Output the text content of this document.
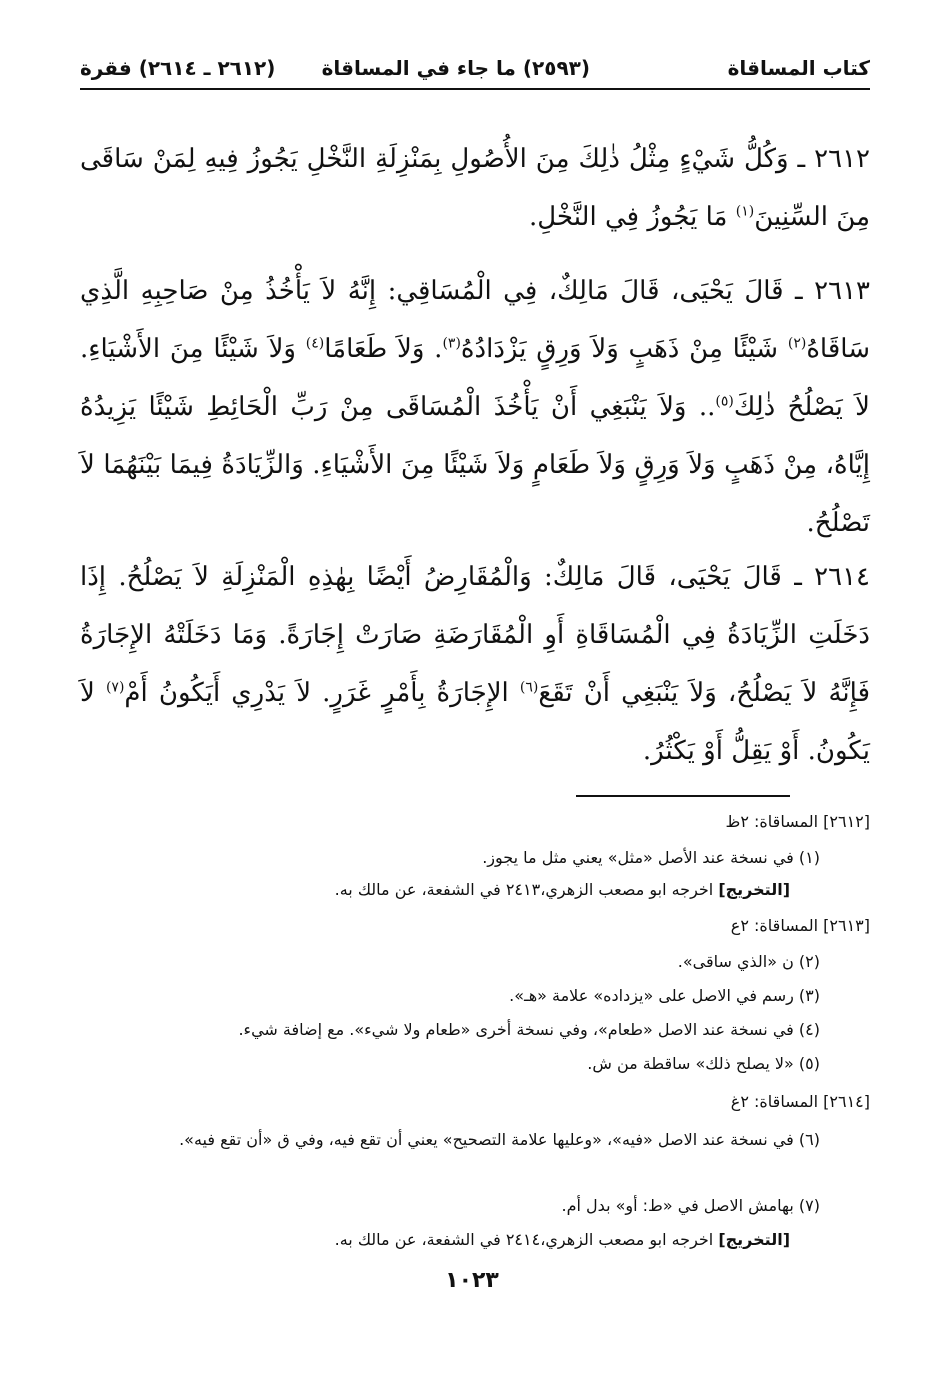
كتاب المساقاة
(٢٥٩٣) ما جاء في المساقاة
(٢٦١٢ ـ ٢٦١٤) فقرة

٢٦١٢ ـ وَكُلُّ شَيْءٍ مِثْلُ ذٰلِكَ مِنَ الأُصُولِ بِمَنْزِلَةِ النَّخْلِ يَجُوزُ فِيهِ لِمَنْ سَاقَى مِنَ السِّنِينَ$^{(١)}$ مَا يَجُوزُ فِي النَّخْلِ.

٢٦١٣ ـ قَالَ يَحْيَى، قَالَ مَالِكٌ، فِي الْمُسَاقِي: إِنَّهُ لاَ يَأْخُذُ مِنْ صَاحِبِهِ الَّذِي سَاقَاهُ$^{(٢)}$ شَيْئًا مِنْ ذَهَبٍ وَلاَ وَرِقٍ يَزْدَادُهُ$^{(٣)}$. وَلاَ طَعَامًا$^{(٤)}$ وَلاَ شَيْئًا مِنَ الأَشْيَاءِ. لاَ يَصْلُحُ ذٰلِكَ$^{(٥)}$.. وَلاَ يَنْبَغِي أَنْ يَأْخُذَ الْمُسَاقَى مِنْ رَبِّ الْحَائِطِ شَيْئًا يَزِيدُهُ إِيَّاهُ، مِنْ ذَهَبٍ وَلاَ وَرِقٍ وَلاَ طَعَامٍ وَلاَ شَيْئًا مِنَ الأَشْيَاءِ. وَالزِّيَادَةُ فِيمَا بَيْنَهُمَا لاَ تَصْلُحُ.

٢٦١٤ ـ قَالَ يَحْيَى، قَالَ مَالِكٌ: وَالْمُقَارِضُ أَيْضًا بِهٰذِهِ الْمَنْزِلَةِ لاَ يَصْلُحُ. إِذَا دَخَلَتِ الزِّيَادَةُ فِي الْمُسَاقَاةِ أَوِ الْمُقَارَضَةِ صَارَتْ إِجَارَةً. وَمَا دَخَلَتْهُ الإِجَارَةُ فَإِنَّهُ لاَ يَصْلُحُ، وَلاَ يَنْبَغِي أَنْ تَقَعَ$^{(٦)}$ الإِجَارَةُ بِأَمْرٍ غَرَرٍ. لاَ يَدْرِي أَيَكُونُ أَمْ$^{(٧)}$ لاَ يَكُونُ. أَوْ يَقِلُّ أَوْ يَكْثُرُ.

[٢٦١٢] المساقاة: ٢ظ
(١) في نسخة عند الأصل «مثل» يعني مثل ما يجوز.
[التخريج] اخرجه ابو مصعب الزهري،٢٤١٣ في الشفعة، عن مالك به.
[٢٦١٣] المساقاة: ٢ع
(٢) ن «الذي ساقى».
(٣) رسم في الاصل على «يزداده» علامة «هـ».
(٤) في نسخة عند الاصل «طعام»، وفي نسخة أخرى «طعام ولا شيء». مع إضافة شيء.
(٥) «لا يصلح ذلك» ساقطة من ش.
[٢٦١٤] المساقاة: ٢غ
(٦) في نسخة عند الاصل «فيه»، «وعليها علامة التصحيح» يعني أن تقع فيه، وفي ق «أن تقع فيه».
(٧) بهامش الاصل في «ط: أو» بدل أم.
[التخريج] اخرجه ابو مصعب الزهري،٢٤١٤ في الشفعة، عن مالك به.
١٠٢٣
